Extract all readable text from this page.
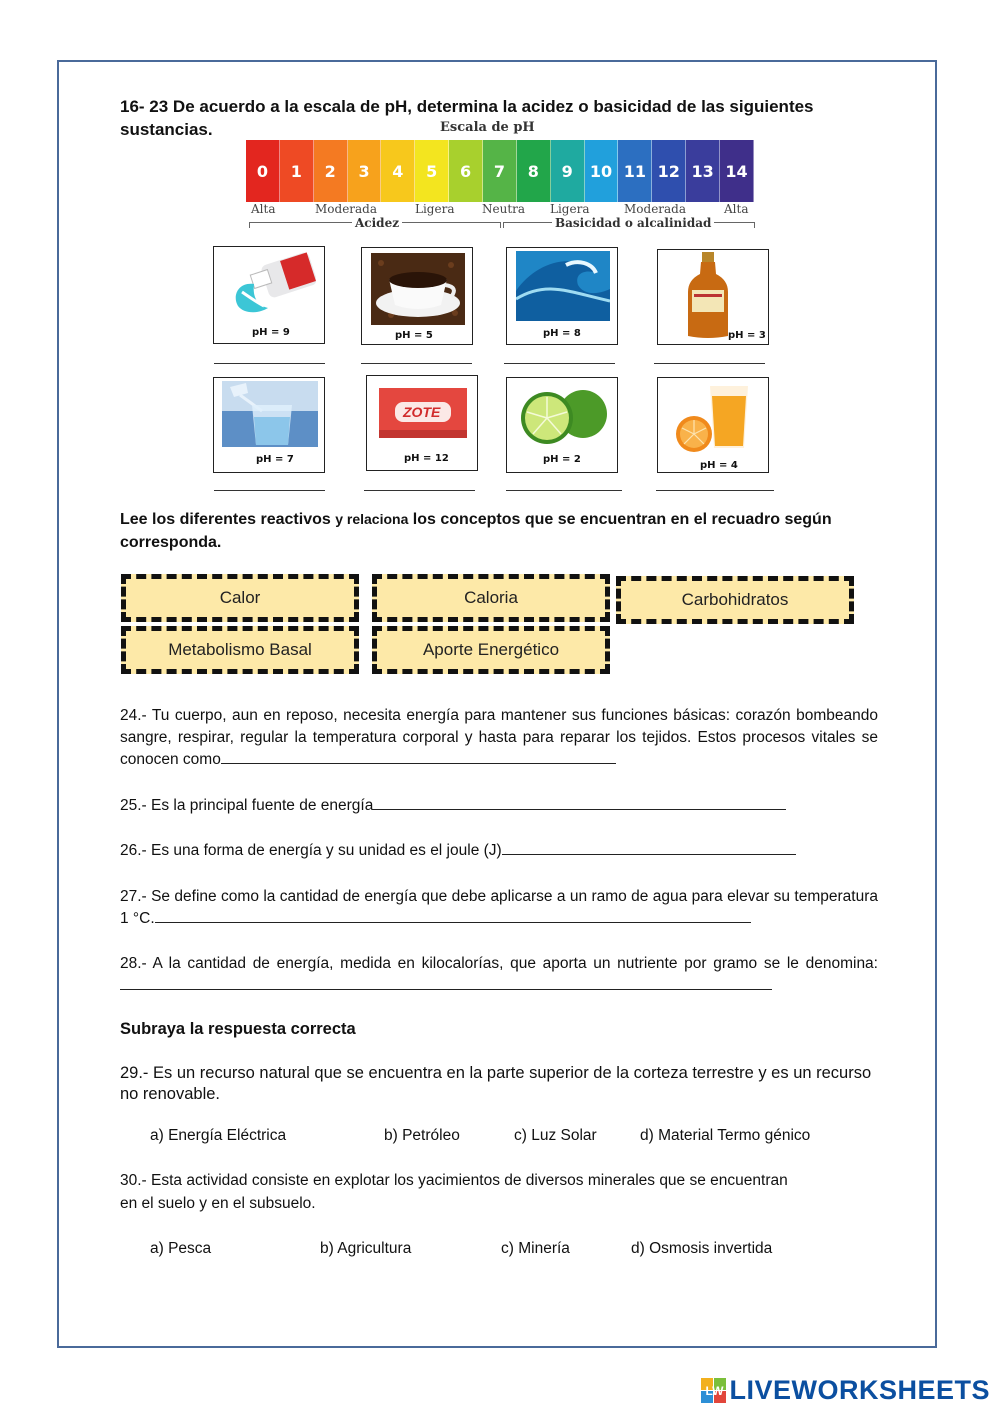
16- 23 De acuerdo a la escala de pH, determina la acidez o basicidad de las siguientes sustancias.	Escala de pH
0	1	2	3	4	5	6	7	8	9	10 11 12 13 14
Alta	Moderada	Ligera Neutra Ligera	Moderada	Alta
Acidez	Basicidad o alcalinidad
pH = 9	pH = 5	pH = 8	pH = 3
pH = 7
ZOTE
pH = 12	pH = 2
pH = 4
Lee los diferentes reactivos y relaciona los conceptos que se encuentran en el recuadro según corresponda.
Calor	Caloria	Carbohidratos
Metabolismo Basal	Aporte Energético
24.- Tu cuerpo, aun en reposo, necesita energía para mantener sus funciones básicas: corazón bombeando sangre, respirar, regular la temperatura corporal y hasta para reparar los tejidos. Estos procesos vitales se conocen como
25.- Es la principal fuente de energía
26.- Es una forma de energía y su unidad es el joule (J)
27.- Se define como la cantidad de energía que debe aplicarse a un ramo de agua para elevar su temperatura 1 °C.
28.- A la cantidad de energía, medida en kilocalorías, que aporta un nutriente por gramo se le denomina:
Subraya la respuesta correcta
29.- Es un recurso natural que se encuentra en la parte superior de la corteza terrestre y es un recurso no renovable.
a) Energía Eléctrica	b) Petróleo	c) Luz Solar	d) Material Termo génico
30.- Esta actividad consiste en explotar los yacimientos de diversos minerales que se encuentran
en el suelo y en el subsuelo.
a) Pesca	b) Agricultura	c) Minería	d) Osmosis invertida
LW LIVEWORKSHEETS
